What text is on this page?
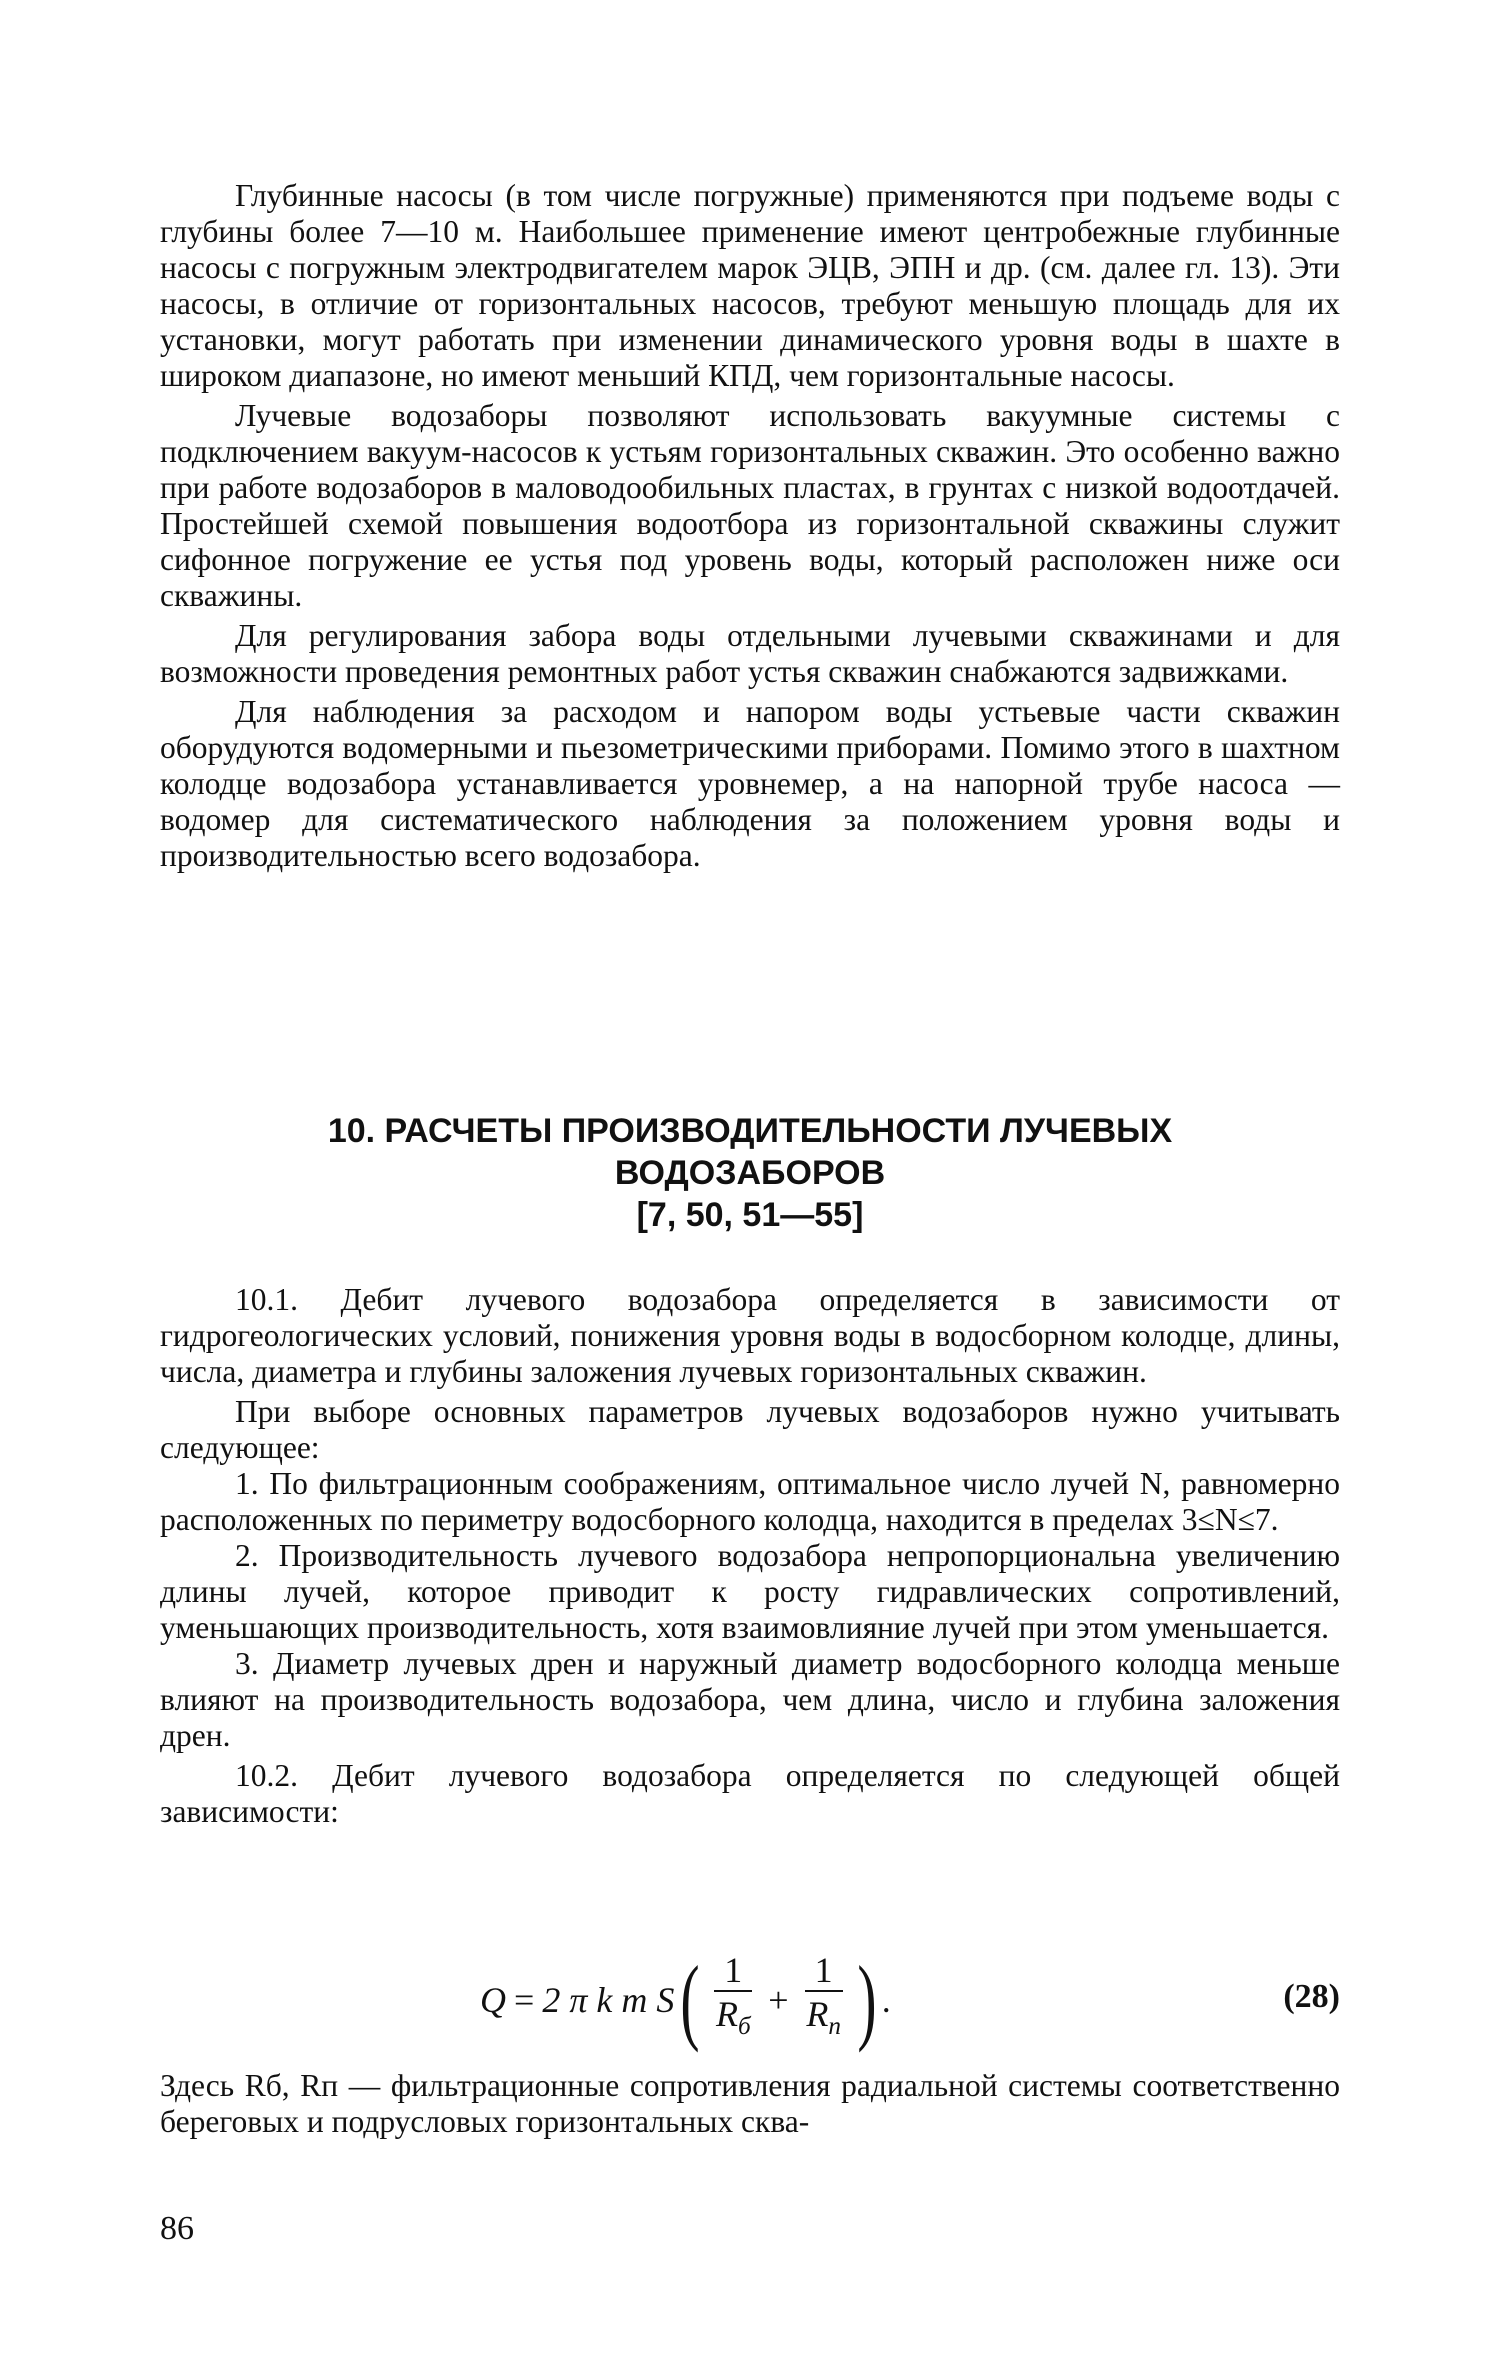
Глубинные насосы (в том числе погружные) применяются при подъеме воды с глубины более 7—10 м. Наибольшее применение имеют центробежные глубинные насосы с погружным электродвигателем марок ЭЦВ, ЭПН и др. (см. далее гл. 13). Эти насосы, в отличие от горизонтальных насосов, требуют меньшую площадь для их установки, могут работать при изменении динамического уровня воды в шахте в широком диапазоне, но имеют меньший КПД, чем горизонтальные насосы.

Лучевые водозаборы позволяют использовать вакуумные системы с подключением вакуум-насосов к устьям горизонтальных скважин. Это особенно важно при работе водозаборов в маловодообильных пластах, в грунтах с низкой водоотдачей. Простейшей схемой повышения водоотбора из горизонтальной скважины служит сифонное погружение ее устья под уровень воды, который расположен ниже оси скважины.

Для регулирования забора воды отдельными лучевыми скважинами и для возможности проведения ремонтных работ устья скважин снабжаются задвижками.

Для наблюдения за расходом и напором воды устьевые части скважин оборудуются водомерными и пьезометрическими приборами. Помимо этого в шахтном колодце водозабора устанавливается уровнемер, а на напорной трубе насоса — водомер для систематического наблюдения за положением уровня воды и производительностью всего водозабора.

10. РАСЧЕТЫ ПРОИЗВОДИТЕЛЬНОСТИ ЛУЧЕВЫХ
ВОДОЗАБОРОВ
[7, 50, 51—55]

10.1. Дебит лучевого водозабора определяется в зависимости от гидрогеологических условий, понижения уровня воды в водосборном колодце, длины, числа, диаметра и глубины заложения лучевых горизонтальных скважин.

При выборе основных параметров лучевых водозаборов нужно учитывать следующее:

1. По фильтрационным соображениям, оптимальное число лучей N, равномерно расположенных по периметру водосборного колодца, находится в пределах 3≤N≤7.

2. Производительность лучевого водозабора непропорциональна увеличению длины лучей, которое приводит к росту гидравлических сопротивлений, уменьшающих производительность, хотя взаимовлияние лучей при этом уменьшается.

3. Диаметр лучевых дрен и наружный диаметр водосборного колодца меньше влияют на производительность водозабора, чем длина, число и глубина заложения дрен.

10.2. Дебит лучевого водозабора определяется по следующей общей зависимости:

Q = 2 π k m S ( $\frac{1}{R_б} + \frac{1}{R_п}$ ) .	(28)

Здесь Rб, Rп — фильтрационные сопротивления радиальной системы соответственно береговых и подрусловых горизонтальных сква-

86
